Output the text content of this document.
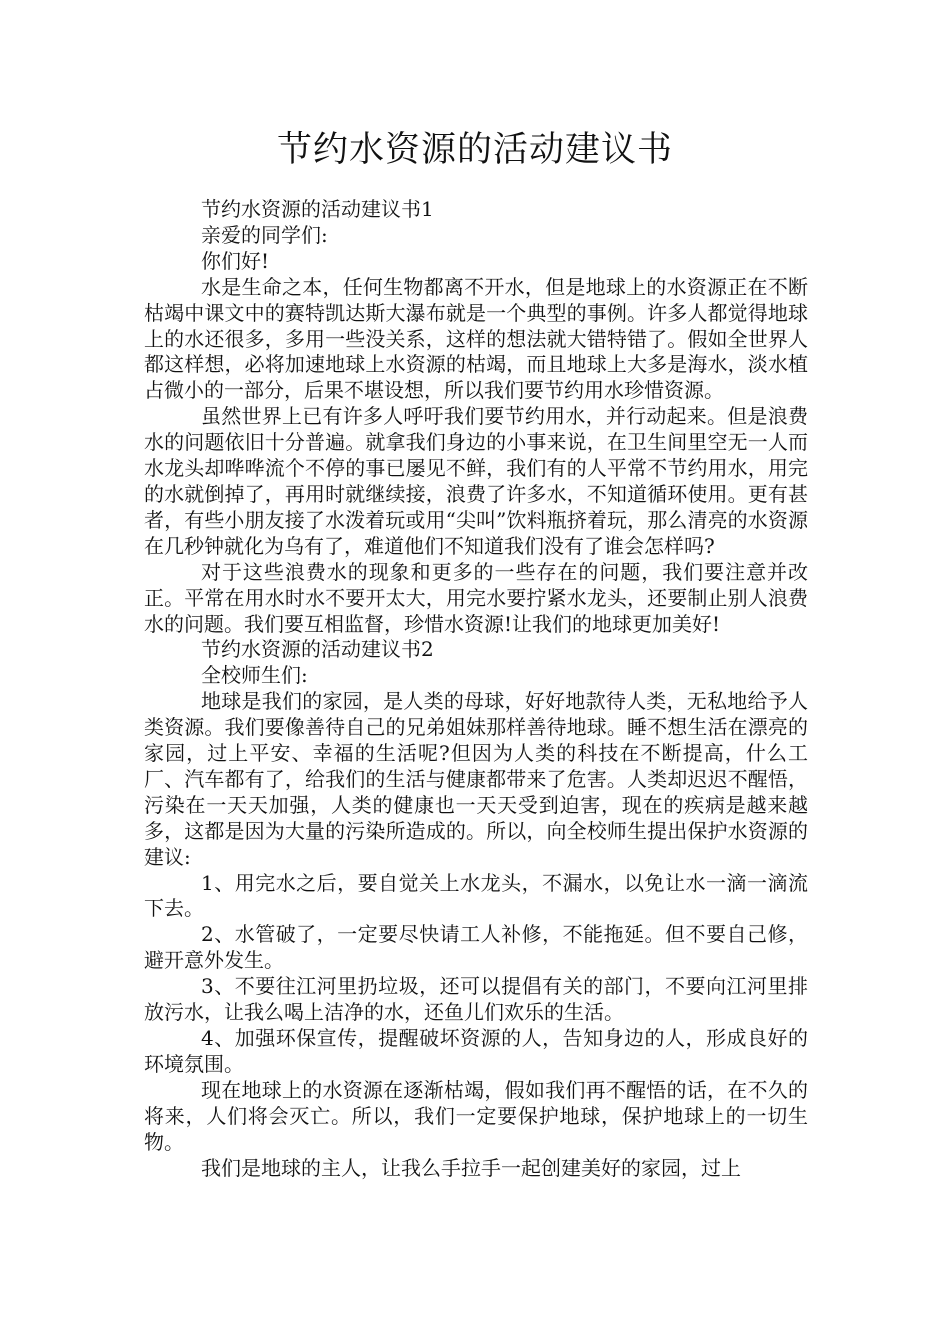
节约水资源的活动建议书

节约水资源的活动建议书1

亲爱的同学们:

你们好!

水是生命之本，任何生物都离不开水，但是地球上的水资源正在不断枯竭中课文中的赛特凯达斯大瀑布就是一个典型的事例。许多人都觉得地球上的水还很多，多用一些没关系，这样的想法就大错特错了。假如全世界人都这样想，必将加速地球上水资源的枯竭，而且地球上大多是海水，淡水植占微小的一部分，后果不堪设想，所以我们要节约用水珍惜资源。

虽然世界上已有许多人呼吁我们要节约用水，并行动起来。但是浪费水的问题依旧十分普遍。就拿我们身边的小事来说，在卫生间里空无一人而水龙头却哗哗流个不停的事已屡见不鲜，我们有的人平常不节约用水，用完的水就倒掉了，再用时就继续接，浪费了许多水，不知道循环使用。更有甚者，有些小朋友接了水泼着玩或用“尖叫”饮料瓶挤着玩，那么清亮的水资源在几秒钟就化为乌有了，难道他们不知道我们没有了谁会怎样吗?

对于这些浪费水的现象和更多的一些存在的问题，我们要注意并改正。平常在用水时水不要开太大，用完水要拧紧水龙头，还要制止别人浪费水的问题。我们要互相监督，珍惜水资源!让我们的地球更加美好!

节约水资源的活动建议书2

全校师生们:

地球是我们的家园，是人类的母球，好好地款待人类，无私地给予人类资源。我们要像善待自己的兄弟姐妹那样善待地球。睡不想生活在漂亮的家园，过上平安、幸福的生活呢?但因为人类的科技在不断提高，什么工厂、汽车都有了，给我们的生活与健康都带来了危害。人类却迟迟不醒悟，污染在一天天加强，人类的健康也一天天受到迫害，现在的疾病是越来越多，这都是因为大量的污染所造成的。所以，向全校师生提出保护水资源的建议:

1、用完水之后，要自觉关上水龙头，不漏水，以免让水一滴一滴流下去。

2、水管破了，一定要尽快请工人补修，不能拖延。但不要自己修，避开意外发生。

3、不要往江河里扔垃圾，还可以提倡有关的部门，不要向江河里排放污水，让我么喝上洁净的水，还鱼儿们欢乐的生活。

4、加强环保宣传，提醒破坏资源的人，告知身边的人，形成良好的环境氛围。

现在地球上的水资源在逐渐枯竭，假如我们再不醒悟的话，在不久的将来，人们将会灭亡。所以，我们一定要保护地球，保护地球上的一切生物。

我们是地球的主人，让我么手拉手一起创建美好的家园，过上
